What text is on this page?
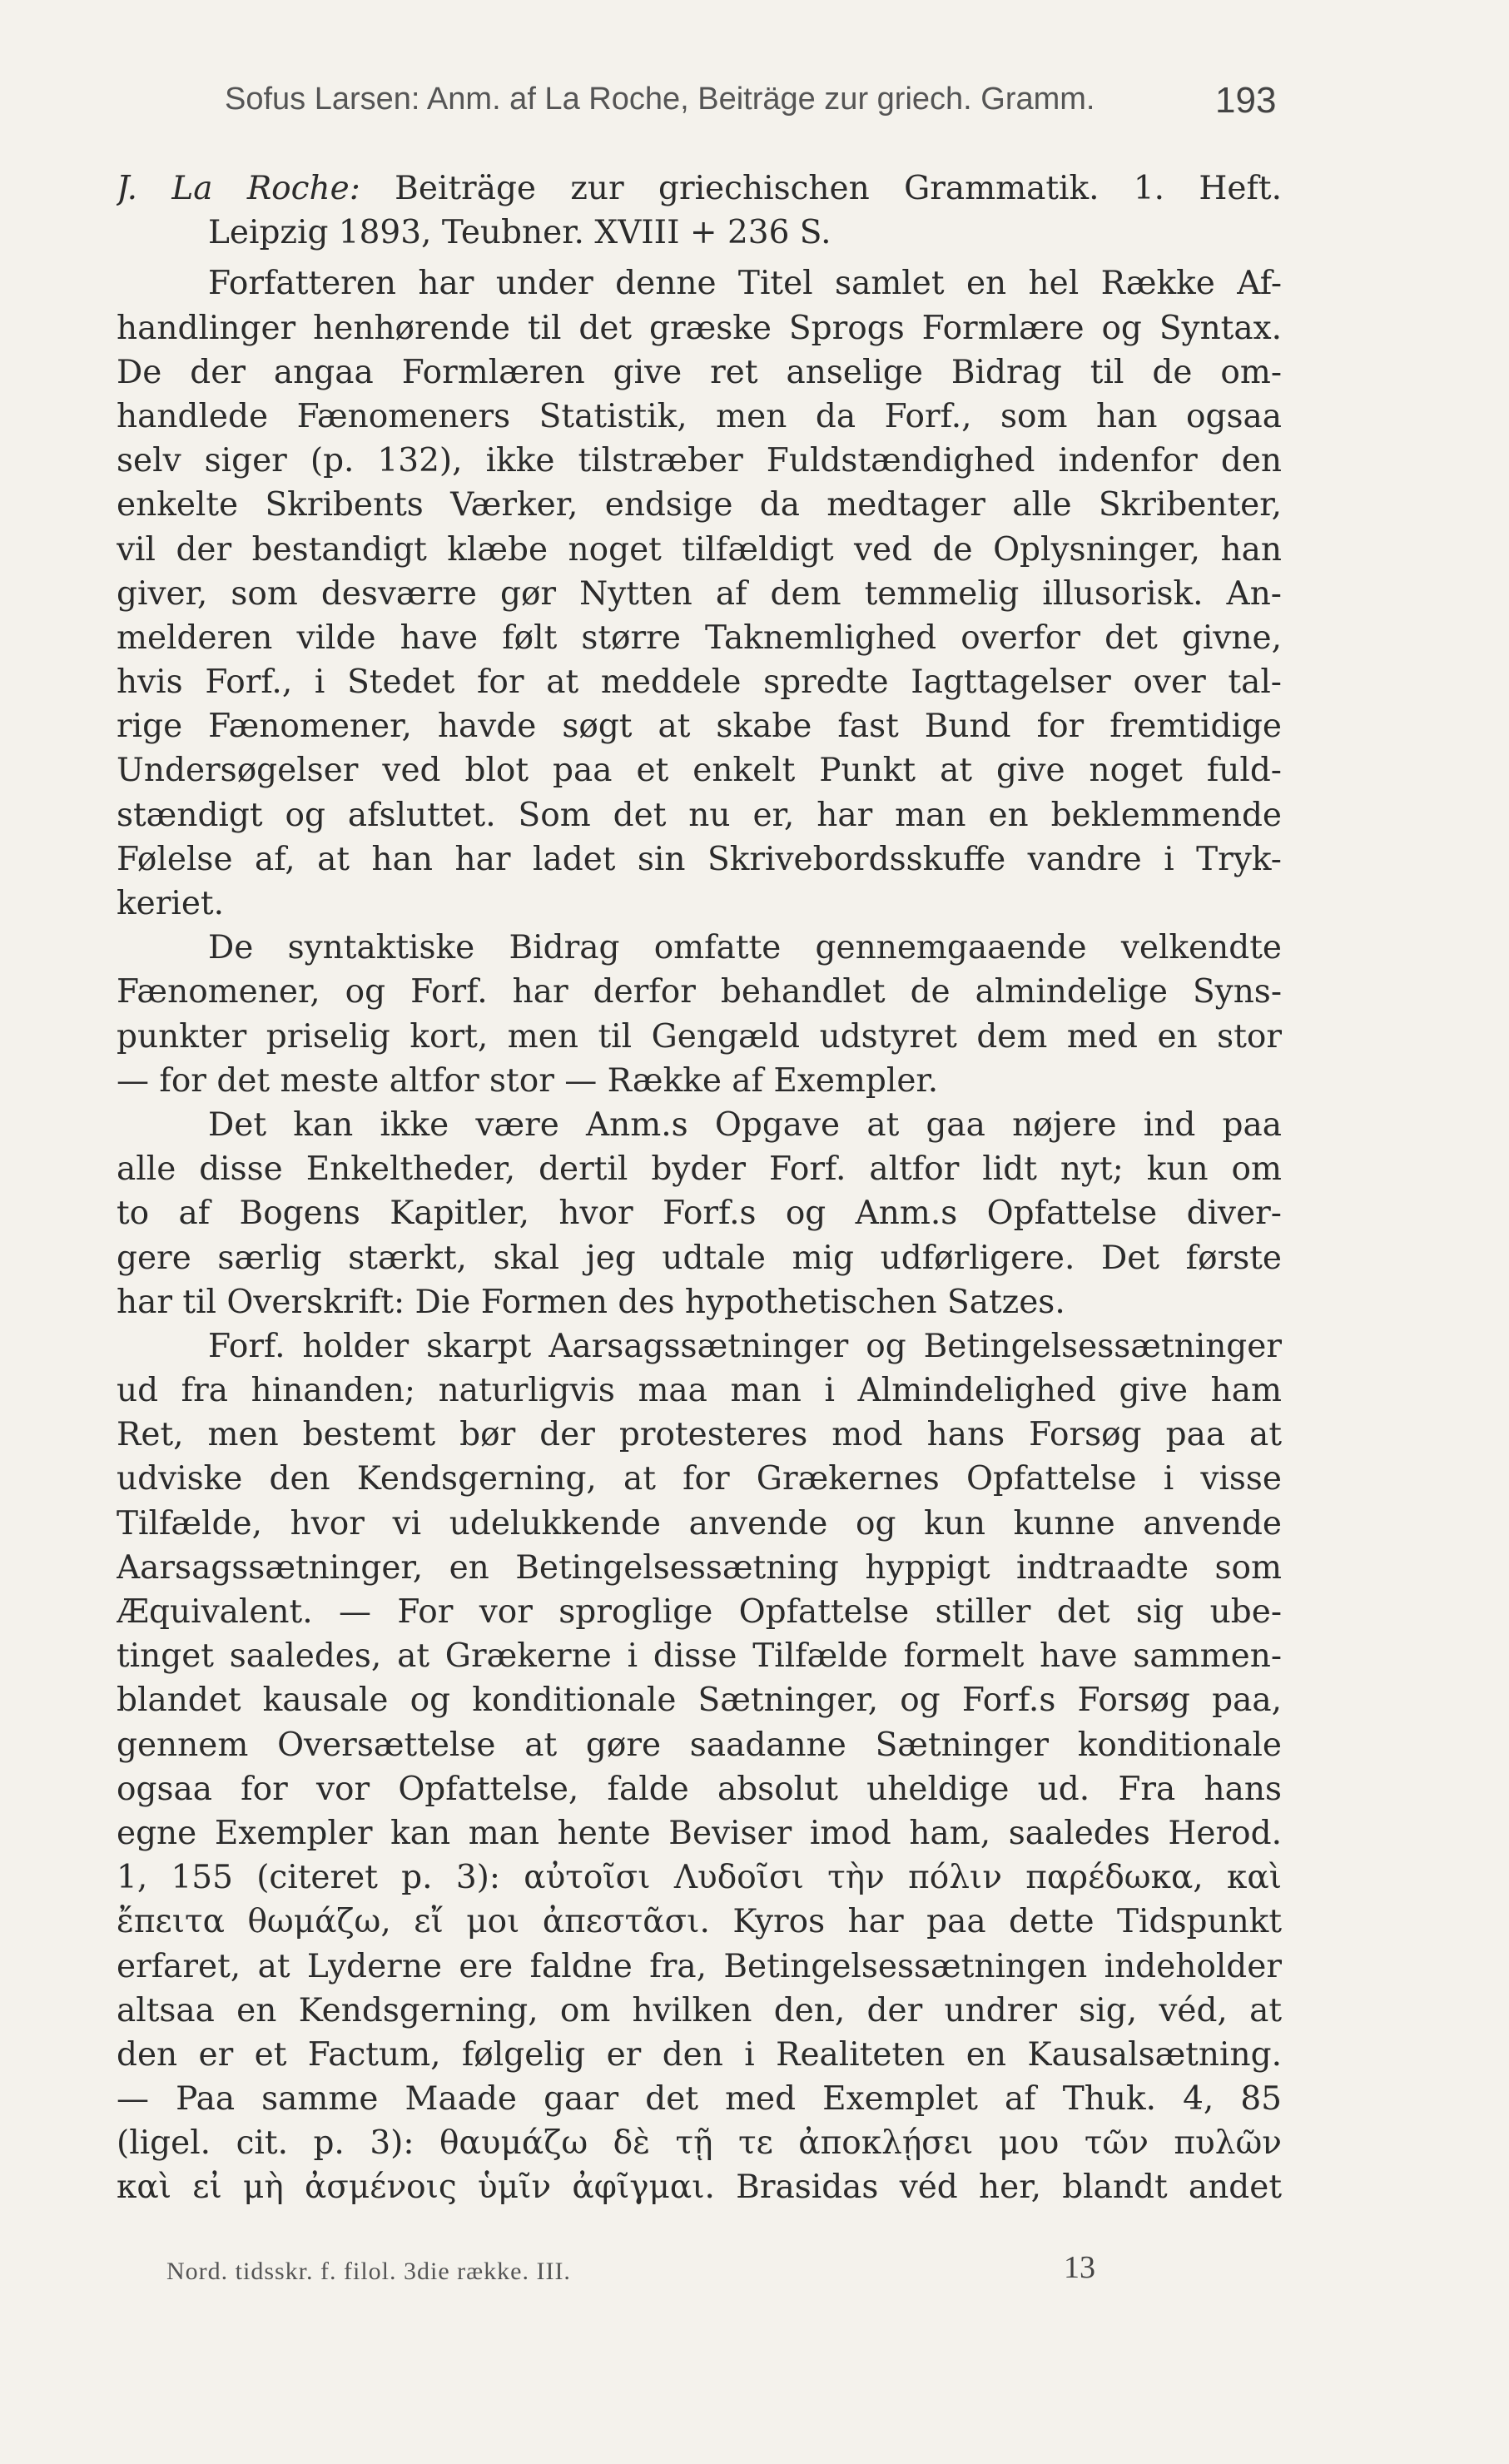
Sofus Larsen: Anm. af La Roche, Beiträge zur griech. Gramm.	193
J. La Roche: Beiträge zur griechischen Grammatik. 1. Heft.
Leipzig 1893, Teubner. XVIII + 236 S.
Forfatteren har under denne Titel samlet en hel Række Af-
handlinger henhørende til det græske Sprogs Formlære og Syntax.
De der angaa Formlæren give ret anselige Bidrag til de om-
handlede Fænomeners Statistik, men da Forf., som han ogsaa
selv siger (p. 132), ikke tilstræber Fuldstændighed indenfor den
enkelte Skribents Værker, endsige da medtager alle Skribenter,
vil der bestandigt klæbe noget tilfældigt ved de Oplysninger, han
giver, som desværre gør Nytten af dem temmelig illusorisk. An-
melderen vilde have følt større Taknemlighed overfor det givne,
hvis Forf., i Stedet for at meddele spredte Iagttagelser over tal-
rige Fænomener, havde søgt at skabe fast Bund for fremtidige
Undersøgelser ved blot paa et enkelt Punkt at give noget fuld-
stændigt og afsluttet. Som det nu er, har man en beklemmende
Følelse af, at han har ladet sin Skrivebordsskuffe vandre i Tryk-
keriet.
De syntaktiske Bidrag omfatte gennemgaaende velkendte
Fænomener, og Forf. har derfor behandlet de almindelige Syns-
punkter priselig kort, men til Gengæld udstyret dem med en stor
— for det meste altfor stor — Række af Exempler.
Det kan ikke være Anm.s Opgave at gaa nøjere ind paa
alle disse Enkeltheder, dertil byder Forf. altfor lidt nyt; kun om
to af Bogens Kapitler, hvor Forf.s og Anm.s Opfattelse diver-
gere særlig stærkt, skal jeg udtale mig udførligere. Det første
har til Overskrift: Die Formen des hypothetischen Satzes.
Forf. holder skarpt Aarsagssætninger og Betingelsessætninger
ud fra hinanden; naturligvis maa man i Almindelighed give ham
Ret, men bestemt bør der protesteres mod hans Forsøg paa at
udviske den Kendsgerning, at for Grækernes Opfattelse i visse
Tilfælde, hvor vi udelukkende anvende og kun kunne anvende
Aarsagssætninger, en Betingelsessætning hyppigt indtraadte som
Æquivalent. — For vor sproglige Opfattelse stiller det sig ube-
tinget saaledes, at Grækerne i disse Tilfælde formelt have sammen-
blandet kausale og konditionale Sætninger, og Forf.s Forsøg paa,
gennem Oversættelse at gøre saadanne Sætninger konditionale
ogsaa for vor Opfattelse, falde absolut uheldige ud. Fra hans
egne Exempler kan man hente Beviser imod ham, saaledes Herod.
1, 155 (citeret p. 3): αὐτοῖσι Λυδοῖσι τὴν πόλιν παρέδωκα, καὶ
ἔπειτα θωμάζω, εἴ μοι ἀπεστᾶσι. Kyros har paa dette Tidspunkt
erfaret, at Lyderne ere faldne fra, Betingelsessætningen indeholder
altsaa en Kendsgerning, om hvilken den, der undrer sig, véd, at
den er et Factum, følgelig er den i Realiteten en Kausalsætning.
— Paa samme Maade gaar det med Exemplet af Thuk. 4, 85
(ligel. cit. p. 3): θαυμάζω δὲ τῇ τε ἀποκλῄσει μου τῶν πυλῶν
καὶ εἰ μὴ ἀσμένοις ὑμῖν ἀφῖγμαι. Brasidas véd her, blandt andet
Nord. tidsskr. f. filol. 3die række. III.	13
